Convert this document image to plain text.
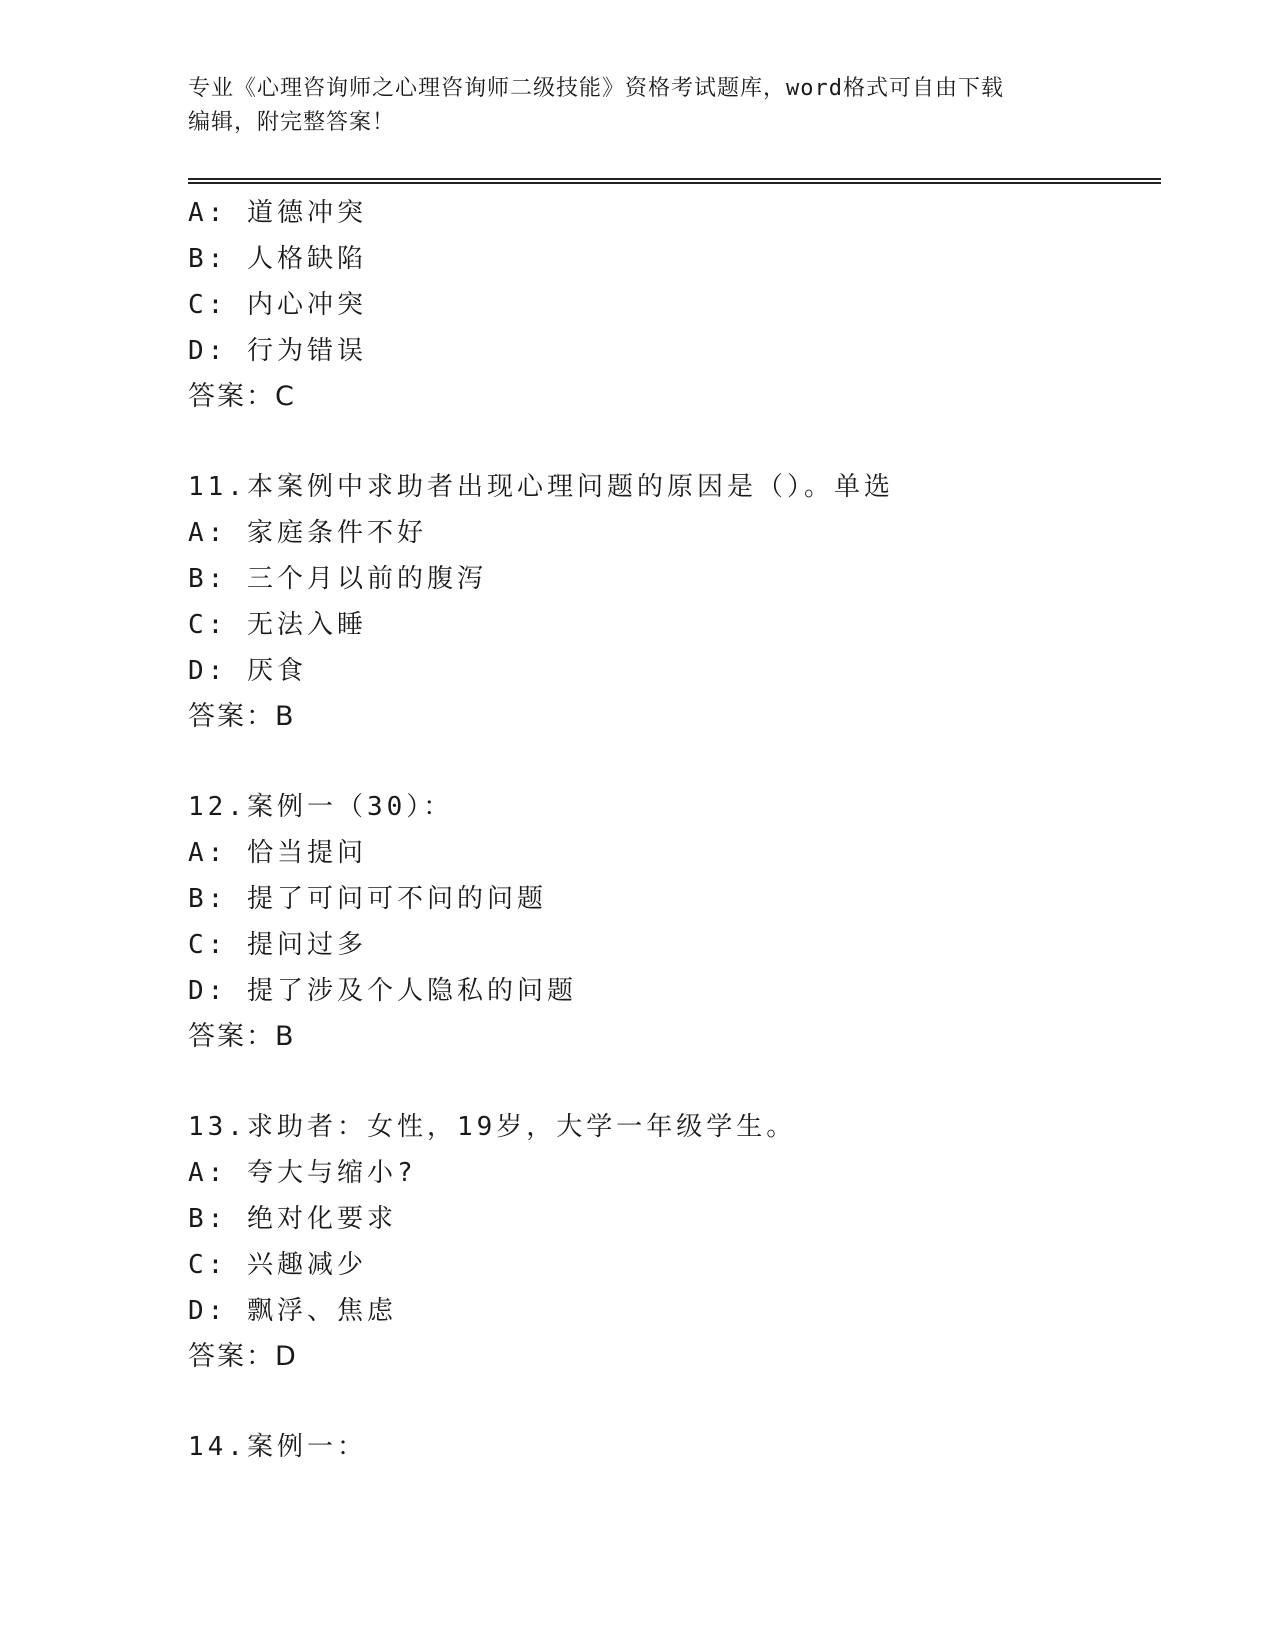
专业《心理咨询师之心理咨询师二级技能》资格考试题库，word格式可自由下载
编辑，附完整答案！
A: 道德冲突
B: 人格缺陷
C: 内心冲突
D: 行为错误
答案：C
11.本案例中求助者出现心理问题的原因是（）。单选
A: 家庭条件不好
B: 三个月以前的腹泻
C: 无法入睡
D: 厌食
答案：B
12.案例一（30）：
A: 恰当提问
B: 提了可问可不问的问题
C: 提问过多
D: 提了涉及个人隐私的问题
答案：B
13.求助者：女性，19岁，大学一年级学生。
A: 夸大与缩小?
B: 绝对化要求
C: 兴趣减少
D: 飘浮、焦虑
答案：D
14.案例一：
